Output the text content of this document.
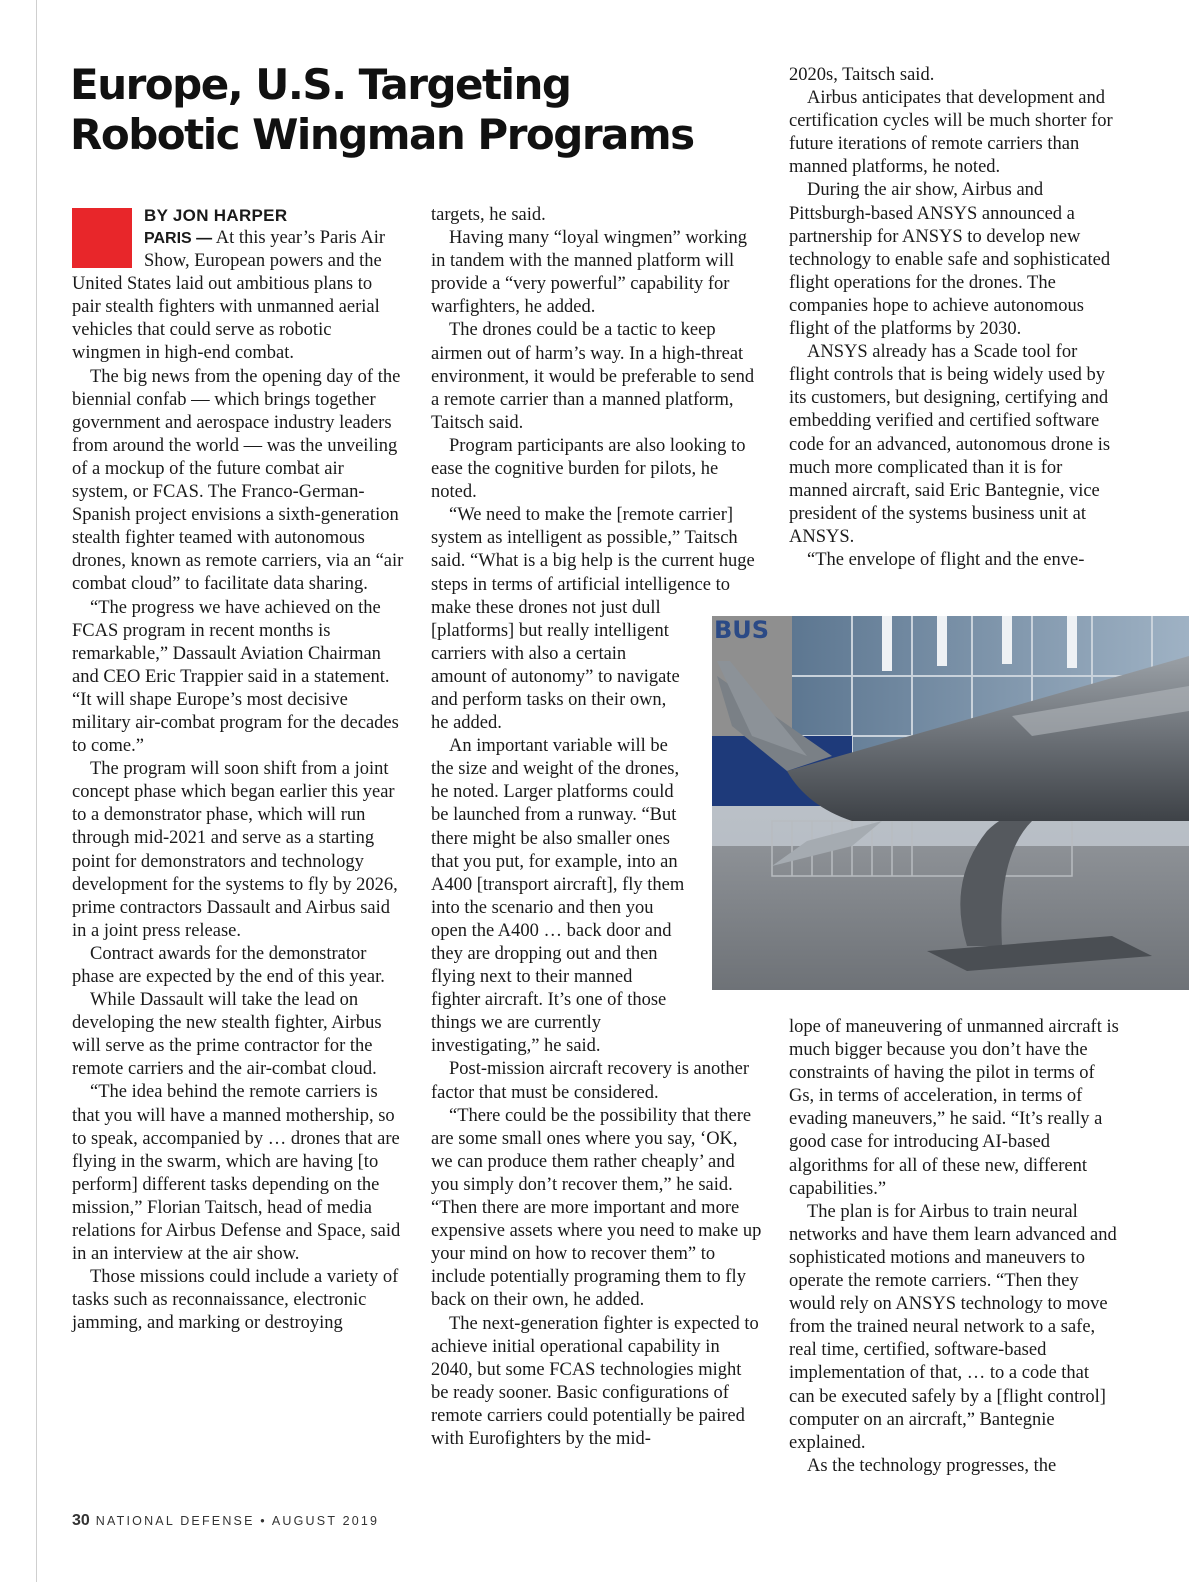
Europe, U.S. Targeting
Robotic Wingman Programs
BY JON HARPER

PARIS — At this year’s Paris Air Show, European powers and the United States laid out ambitious plans to pair stealth fighters with unmanned aerial vehicles that could serve as robotic wingmen in high-end combat.

The big news from the opening day of the biennial confab — which brings together government and aerospace industry leaders from around the world — was the unveiling of a mockup of the future combat air system, or FCAS. The Franco-German-Spanish project envisions a sixth-generation stealth fighter teamed with autonomous drones, known as remote carriers, via an “air combat cloud” to facilitate data sharing.

“The progress we have achieved on the FCAS program in recent months is remarkable,” Dassault Aviation Chairman and CEO Eric Trappier said in a statement. “It will shape Europe’s most decisive military air-combat program for the decades to come.”

The program will soon shift from a joint concept phase which began earlier this year to a demonstrator phase, which will run through mid-2021 and serve as a starting point for demonstrators and technology development for the systems to fly by 2026, prime contractors Dassault and Airbus said in a joint press release.

Contract awards for the demonstrator phase are expected by the end of this year.

While Dassault will take the lead on developing the new stealth fighter, Airbus will serve as the prime contractor for the remote carriers and the air-combat cloud.

“The idea behind the remote carriers is that you will have a manned mothership, so to speak, accompanied by … drones that are flying in the swarm, which are having [to perform] different tasks depending on the mission,” Florian Taitsch, head of media relations for Airbus Defense and Space, said in an interview at the air show.

Those missions could include a variety of tasks such as reconnaissance, electronic jamming, and marking or destroying

targets, he said.

Having many “loyal wingmen” working in tandem with the manned platform will provide a “very powerful” capability for warfighters, he added.

The drones could be a tactic to keep airmen out of harm’s way. In a high-threat environment, it would be preferable to send a remote carrier than a manned platform, Taitsch said.

Program participants are also looking to ease the cognitive burden for pilots, he noted.

“We need to make the [remote carrier] system as intelligent as possible,” Taitsch said. “What is a big help is the current huge steps in terms of artificial intelligence to make these drones not just dull [platforms] but really intelligent carriers with also a certain amount of autonomy” to navigate and perform tasks on their own, he added.

An important variable will be the size and weight of the drones, he noted. Larger platforms could be launched from a runway. “But there might be also smaller ones that you put, for example, into an A400 [transport aircraft], fly them into the scenario and then you open the A400 … back door and they are dropping out and then flying next to their manned fighter aircraft. It’s one of those things we are currently investigating,” he said.

Post-mission aircraft recovery is another factor that must be considered.

“There could be the possibility that there are some small ones where you say, ‘OK, we can produce them rather cheaply’ and you simply don’t recover them,” he said. “Then there are more important and more expensive assets where you need to make up your mind on how to recover them” to include potentially programing them to fly back on their own, he added.

The next-generation fighter is expected to achieve initial operational capability in 2040, but some FCAS technologies might be ready sooner. Basic configurations of remote carriers could potentially be paired with Eurofighters by the mid-

2020s, Taitsch said.

Airbus anticipates that development and certification cycles will be much shorter for future iterations of remote carriers than manned platforms, he noted.

During the air show, Airbus and Pittsburgh-based ANSYS announced a partnership for ANSYS to develop new technology to enable safe and sophisticated flight operations for the drones. The companies hope to achieve autonomous flight of the platforms by 2030.

ANSYS already has a Scade tool for flight controls that is being widely used by its customers, but designing, certifying and embedding verified and certified software code for an advanced, autonomous drone is much more complicated than it is for manned aircraft, said Eric Bantegnie, vice president of the systems business unit at ANSYS.

“The envelope of flight and the enve-

BUS

lope of maneuvering of unmanned aircraft is much bigger because you don’t have the constraints of having the pilot in terms of Gs, in terms of acceleration, in terms of evading maneuvers,” he said. “It’s really a good case for introducing AI-based algorithms for all of these new, different capabilities.”

The plan is for Airbus to train neural networks and have them learn advanced and sophisticated motions and maneuvers to operate the remote carriers. “Then they would rely on ANSYS technology to move from the trained neural network to a safe, real time, certified, software-based implementation of that, … to a code that can be executed safely by a [flight control] computer on an aircraft,” Bantegnie explained.

As the technology progresses, the

30 NATIONAL DEFENSE • AUGUST 2019
